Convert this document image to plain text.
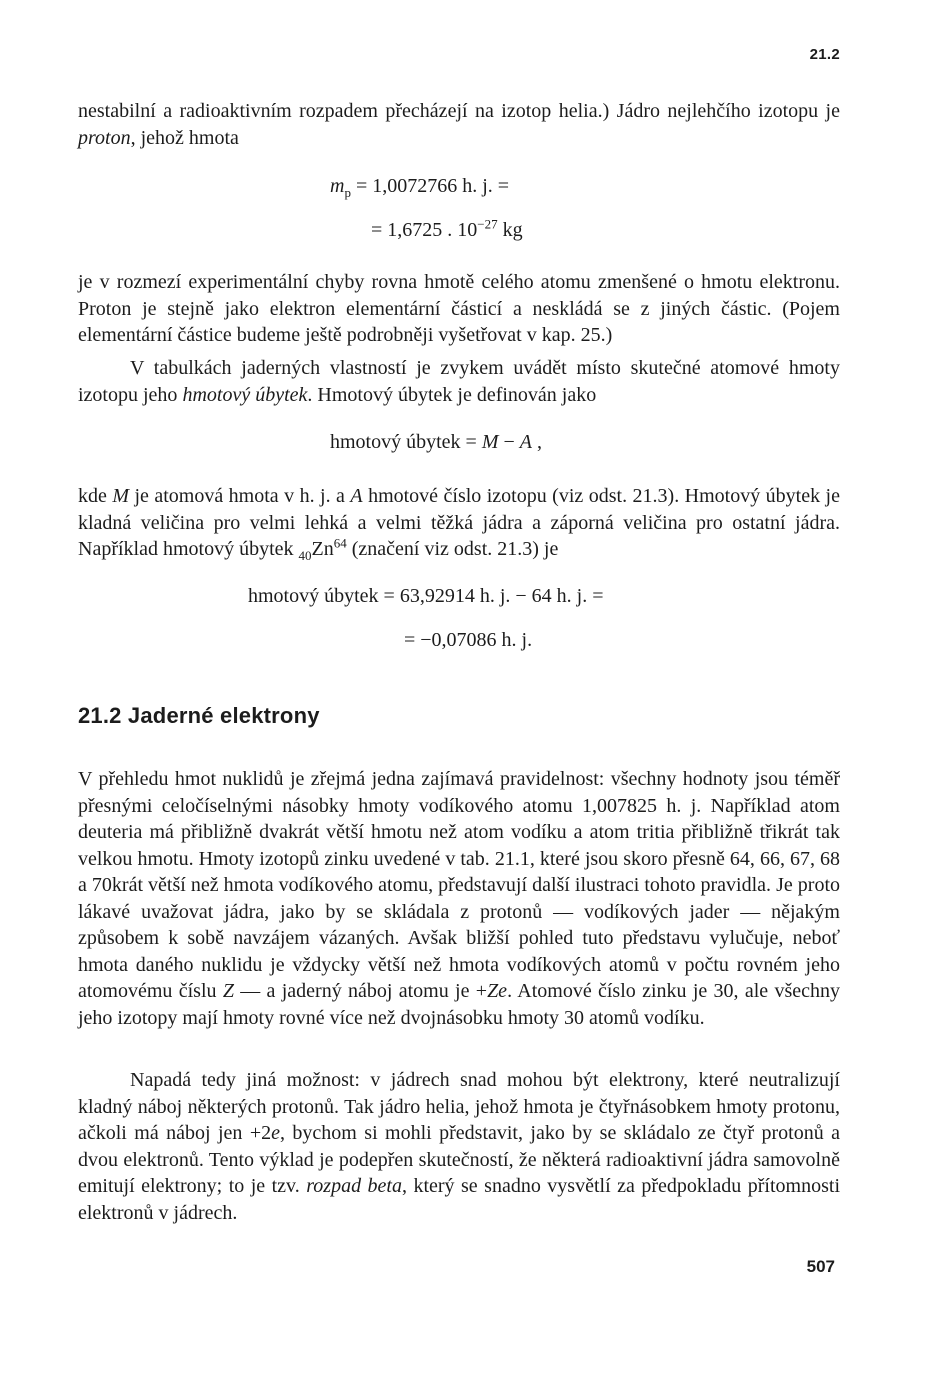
21.2

nestabilní a radioaktivním rozpadem přecházejí na izotop helia.) Jádro nejlehčího izotopu je proton, jehož hmota

$m_p = 1,0072766$ h. j. =
= 1,6725 . $10^{-27}$ kg

je v rozmezí experimentální chyby rovna hmotě celého atomu zmenšené o hmotu elektronu. Proton je stejně jako elektron elementární částicí a neskládá se z jiných částic. (Pojem elementární částice budeme ještě podrobněji vyšetřovat v kap. 25.)

V tabulkách jaderných vlastností je zvykem uvádět místo skutečné atomové hmoty izotopu jeho hmotový úbytek. Hmotový úbytek je definován jako

hmotový úbytek = M − A ,

kde M je atomová hmota v h. j. a A hmotové číslo izotopu (viz odst. 21.3). Hmotový úbytek je kladná veličina pro velmi lehká a velmi těžká jádra a záporná veličina pro ostatní jádra. Například hmotový úbytek $_{40}Zn^{64}$ (značení viz odst. 21.3) je

hmotový úbytek = 63,92914 h. j. − 64 h. j. =
= −0,07086 h. j.
21.2 Jaderné elektrony

V přehledu hmot nuklidů je zřejmá jedna zajímavá pravidelnost: všechny hodnoty jsou téměř přesnými celočíselnými násobky hmoty vodíkového atomu 1,007825 h. j. Například atom deuteria má přibližně dvakrát větší hmotu než atom vodíku a atom tritia přibližně třikrát tak velkou hmotu. Hmoty izotopů zinku uvedené v tab. 21.1, které jsou skoro přesně 64, 66, 67, 68 a 70krát větší než hmota vodíkového atomu, představují další ilustraci tohoto pravidla. Je proto lákavé uvažovat jádra, jako by se skládala z protonů — vodíkových jader — nějakým způsobem k sobě navzájem vázaných. Avšak bližší pohled tuto představu vylučuje, neboť hmota daného nuklidu je vždycky větší než hmota vodíkových atomů v počtu rovném jeho atomovému číslu Z — a jaderný náboj atomu je +Ze. Atomové číslo zinku je 30, ale všechny jeho izotopy mají hmoty rovné více než dvojnásobku hmoty 30 atomů vodíku.

Napadá tedy jiná možnost: v jádrech snad mohou být elektrony, které neutralizují kladný náboj některých protonů. Tak jádro helia, jehož hmota je čtyřnásobkem hmoty protonu, ačkoli má náboj jen +2e, bychom si mohli představit, jako by se skládalo ze čtyř protonů a dvou elektronů. Tento výklad je podepřen skutečností, že některá radioaktivní jádra samovolně emitují elektrony; to je tzv. rozpad beta, který se snadno vysvětlí za předpokladu přítomnosti elektronů v jádrech.

507
